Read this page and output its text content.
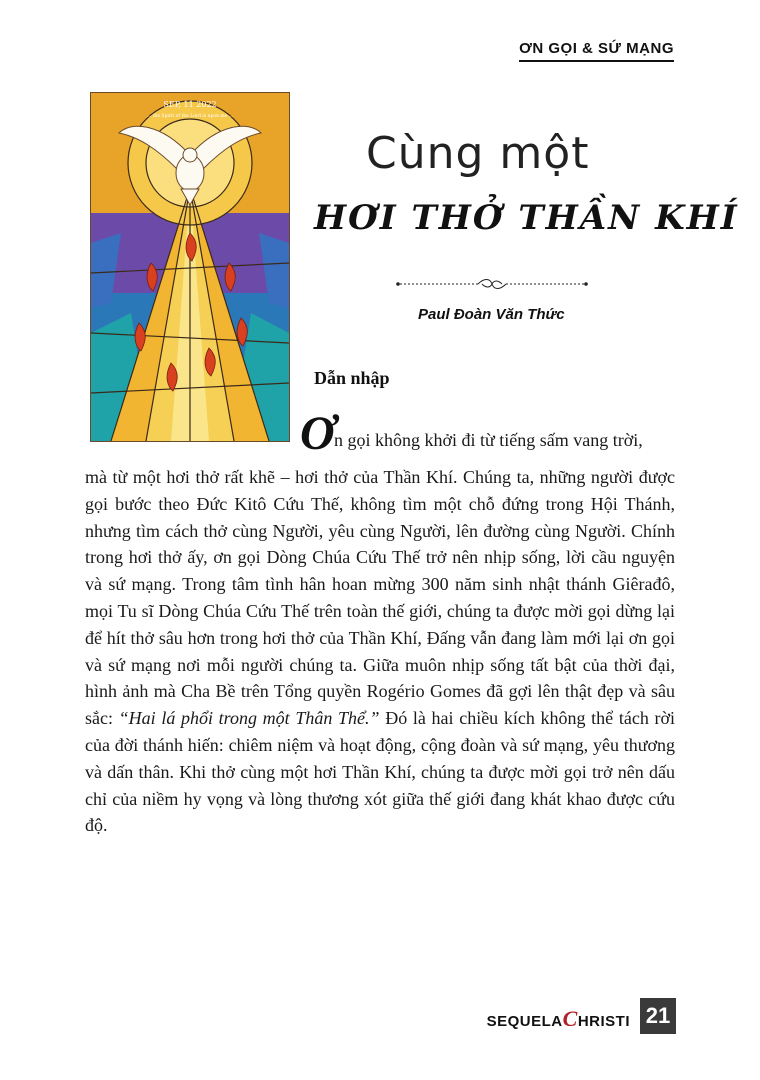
ƠN GỌI & SỨ MẠNG
SEP, 11 2022
... the Spirit of the Lord is upon me ...
Cùng một
HƠI THỞ THẦN KHÍ
Paul Đoàn Văn Thức
Dẫn nhập
Ơ n gọi không khởi đi từ tiếng sấm vang trời,
mà từ một hơi thở rất khẽ – hơi thở của Thần Khí. Chúng ta, những người được gọi bước theo Đức Kitô Cứu Thế, không tìm một chỗ đứng trong Hội Thánh, nhưng tìm cách thở cùng Người, yêu cùng Người, lên đường cùng Người. Chính trong hơi thở ấy, ơn gọi Dòng Chúa Cứu Thế trở nên nhịp sống, lời cầu nguyện và sứ mạng. Trong tâm tình hân hoan mừng 300 năm sinh nhật thánh Giêrađô, mọi Tu sĩ Dòng Chúa Cứu Thế trên toàn thế giới, chúng ta được mời gọi dừng lại để hít thở sâu hơn trong hơi thở của Thần Khí, Đấng vẫn đang làm mới lại ơn gọi và sứ mạng nơi mỗi người chúng ta. Giữa muôn nhịp sống tất bật của thời đại, hình ảnh mà Cha Bề trên Tổng quyền Rogério Gomes đã gợi lên thật đẹp và sâu sắc: “Hai lá phổi trong một Thân Thể.” Đó là hai chiều kích không thể tách rời của đời thánh hiến: chiêm niệm và hoạt động, cộng đoàn và sứ mạng, yêu thương và dấn thân. Khi thở cùng một hơi Thần Khí, chúng ta được mời gọi trở nên dấu chỉ của niềm hy vọng và lòng thương xót giữa thế giới đang khát khao được cứu độ.
SEQUELACHRISTI 21
